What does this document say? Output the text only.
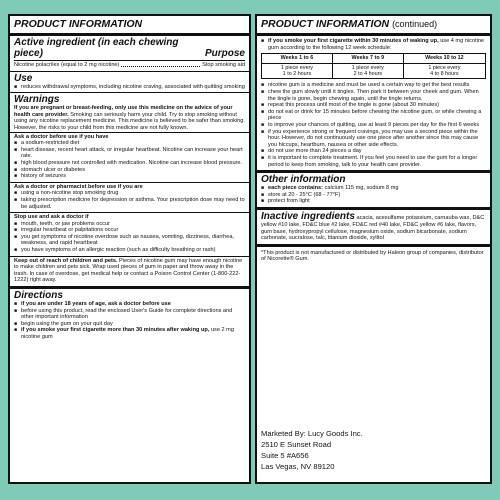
PRODUCT INFORMATION
Active ingredient (in each chewing piece)	Purpose
Nicotine polacrilex (equal to 2 mg nicotine)	Stop smoking aid
Use
■ reduces withdrawal symptoms, including nicotine craving, associated with quitting smoking
Warnings
If you are pregnant or breast-feeding, only use this medicine on the advice of your health care provider. Smoking can seriously harm your child. Try to stop smoking without using any nicotine replacement medicine. This medicine is believed to be safer than smoking. However, the risks to your child from this medicine are not fully known.
Ask a doctor before use if you have
■ a sodium-restricted diet
■ heart disease, recent heart attack, or irregular heartbeat. Nicotine can increase your heart rate.
■ high blood pressure not controlled with medication. Nicotine can increase blood pressure.
■ stomach ulcer or diabetes
■ history of seizures
Ask a doctor or pharmacist before use if you are
■ using a non-nicotine stop smoking drug
■ taking prescription medicine for depression or asthma. Your prescription dose may need to be adjusted.
Stop use and ask a doctor if
■ mouth, teeth, or jaw problems occur
■ irregular heartbeat or palpitations occur
■ you get symptoms of nicotine overdose such as nausea, vomiting, dizziness, diarrhea, weakness, and rapid heartbeat
■ you have symptoms of an allergic reaction (such as difficulty breathing or rash)
Keep out of reach of children and pets. Pieces of nicotine gum may have enough nicotine to make children and pets sick. Wrap used pieces of gum in paper and throw away in the trash. In case of overdose, get medical help or contact a Poison Control Center (1-800-222-1222) right away.
Directions
■ if you are under 18 years of age, ask a doctor before use
■ before using this product, read the enclosed User's Guide for complete directions and other important information
■ begin using the gum on your quit day
■ if you smoke your first cigarette more than 30 minutes after waking up, use 2 mg nicotine gum
PRODUCT INFORMATION (continued)
■ if you smoke your first cigarette within 30 minutes of waking up, use 4 mg nicotine gum according to the following 12 week schedule:
Weeks 1 to 6	Weeks 7 to 9	Weeks 10 to 12
1 piece every
1 to 2 hours	1 piece every
2 to 4 hours	1 piece every
4 to 8 hours
■ nicotine gum is a medicine and must be used a certain way to get the best results
■ chew the gum slowly until it tingles. Then park it between your cheek and gum. When the tingle is gone, begin chewing again, until the tingle returns.
■ repeat this process until most of the tingle is gone (about 30 minutes)
■ do not eat or drink for 15 minutes before chewing the nicotine gum, or while chewing a piece
■ to improve your chances of quitting, use at least 9 pieces per day for the first 6 weeks
■ if you experience strong or frequent cravings, you may use a second piece within the hour. However, do not continuously use one piece after another since this may cause you hiccups, heartburn, nausea or other side effects.
■ do not use more than 24 pieces a day
■ it is important to complete treatment. If you feel you need to use the gum for a longer period to keep from smoking, talk to your health care provider.
Other information
■ each piece contains: calcium 115 mg, sodium 8 mg
■ store at 20 - 25°C (68 - 77°F)
■ protect from light
Inactive ingredients acacia, acesulfame potassium, carnauba wax, D&C yellow #10 lake, FD&C blue #2 lake, FD&C red #40 lake, FD&C yellow #6 lake, flavors, gum base, hydroxypropyl cellulose, magnesium oxide, sodium bicarbonate, sodium carbonate, sucralose, talc, titanium dioxide, xylitol
*This product is not manufactured or distributed by Haleon group of companies, distributor of Nicorette® Gum.
Marketed By: Lucy Goods Inc.
2510 E Sunset Road
Suite 5 #A656
Las Vegas, NV 89120
